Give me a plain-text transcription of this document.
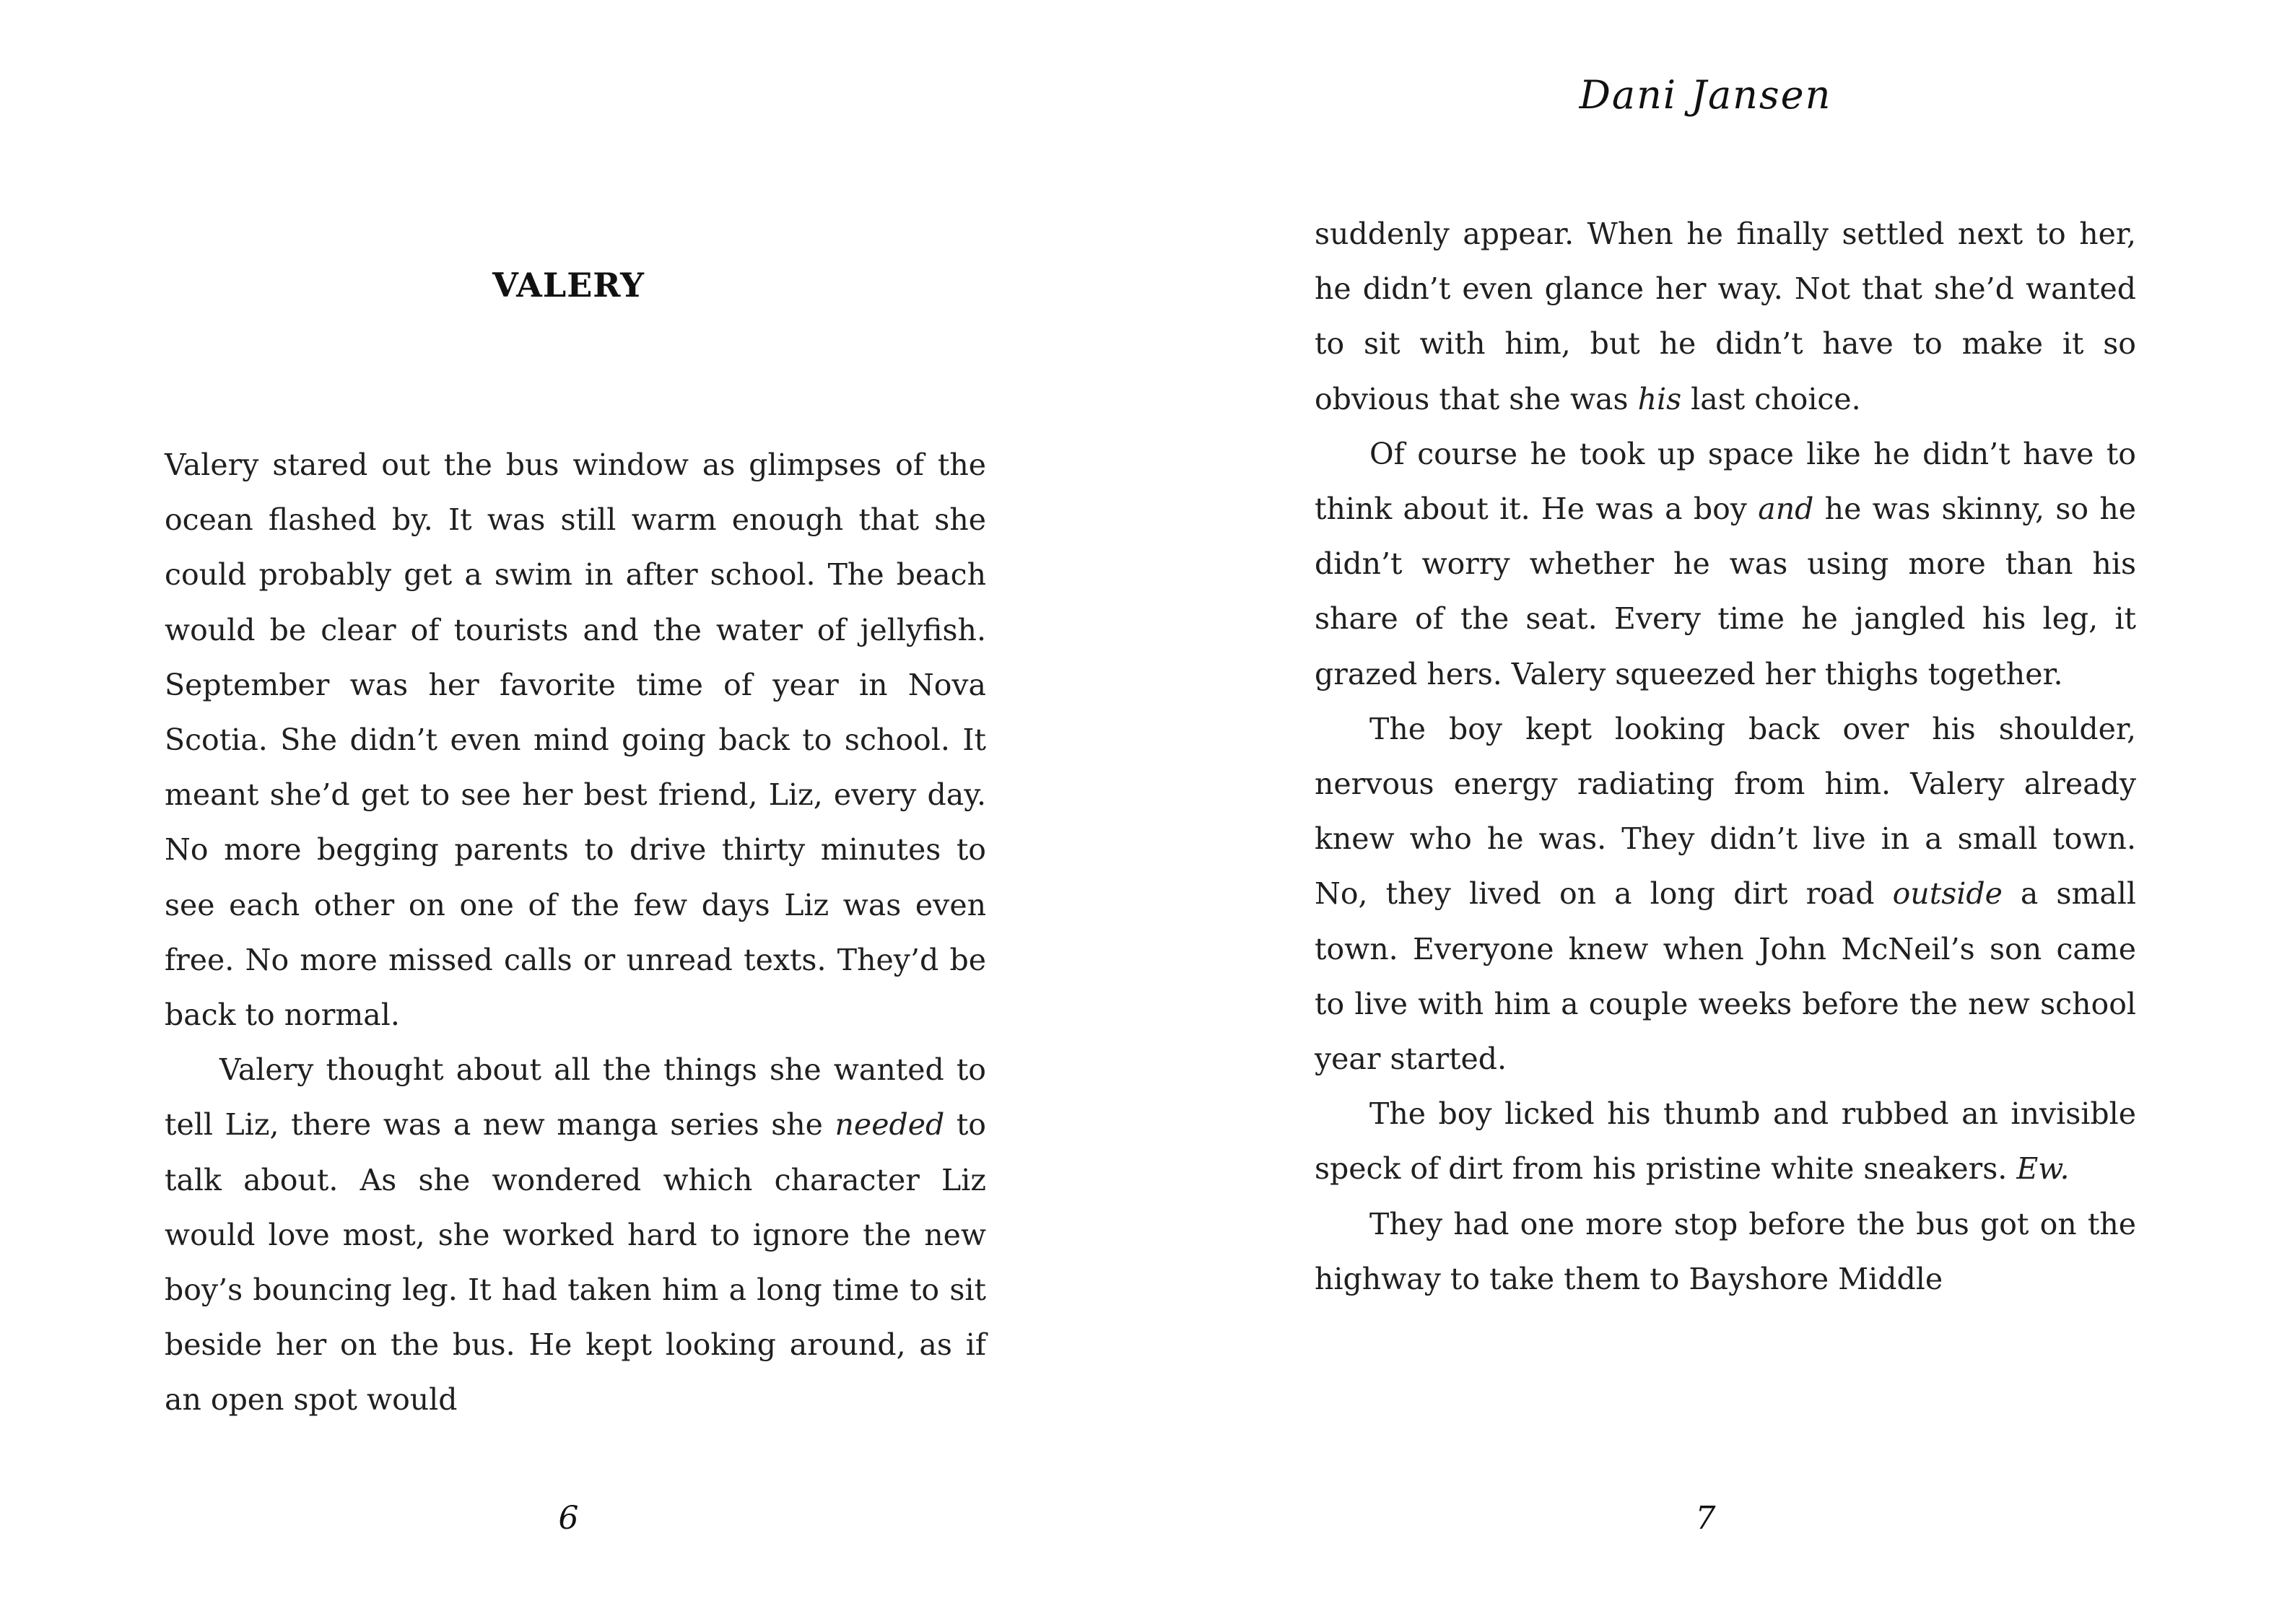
VALERY

Valery stared out the bus window as glimpses of the ocean flashed by. It was still warm enough that she could probably get a swim in after school. The beach would be clear of tourists and the water of jellyfish. September was her favorite time of year in Nova Scotia. She didn’t even mind going back to school. It meant she’d get to see her best friend, Liz, every day. No more begging parents to drive thirty minutes to see each other on one of the few days Liz was even free. No more missed calls or unread texts. They’d be back to normal.

Valery thought about all the things she wanted to tell Liz, there was a new manga series she needed to talk about. As she wondered which character Liz would love most, she worked hard to ignore the new boy’s bouncing leg. It had taken him a long time to sit beside her on the bus. He kept looking around, as if an open spot would

6
Dani Jansen

suddenly appear. When he finally settled next to her, he didn’t even glance her way. Not that she’d wanted to sit with him, but he didn’t have to make it so obvious that she was his last choice.

Of course he took up space like he didn’t have to think about it. He was a boy and he was skinny, so he didn’t worry whether he was using more than his share of the seat. Every time he jangled his leg, it grazed hers. Valery squeezed her thighs together.

The boy kept looking back over his shoulder, nervous energy radiating from him. Valery already knew who he was. They didn’t live in a small town. No, they lived on a long dirt road outside a small town. Everyone knew when John McNeil’s son came to live with him a couple weeks before the new school year started.

The boy licked his thumb and rubbed an invisible speck of dirt from his pristine white sneakers. Ew.

They had one more stop before the bus got on the highway to take them to Bayshore Middle

7
